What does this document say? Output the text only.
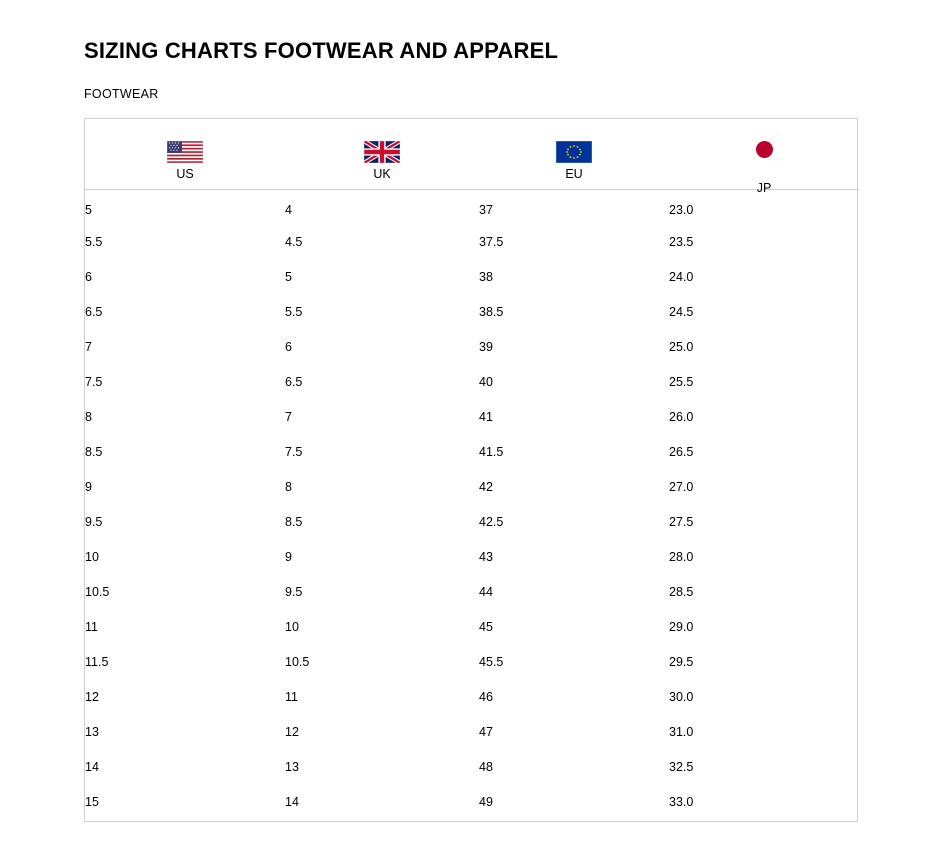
SIZING CHARTS FOOTWEAR AND APPAREL
FOOTWEAR
US	UK	EU	JP

5	4	37	23.0
5.5	4.5	37.5	23.5
6	5	38	24.0
6.5	5.5	38.5	24.5
7	6	39	25.0
7.5	6.5	40	25.5
8	7	41	26.0
8.5	7.5	41.5	26.5
9	8	42	27.0
9.5	8.5	42.5	27.5
10	9	43	28.0
10.5	9.5	44	28.5
11	10	45	29.0
11.5	10.5	45.5	29.5
12	11	46	30.0
13	12	47	31.0
14	13	48	32.5
15	14	49	33.0
